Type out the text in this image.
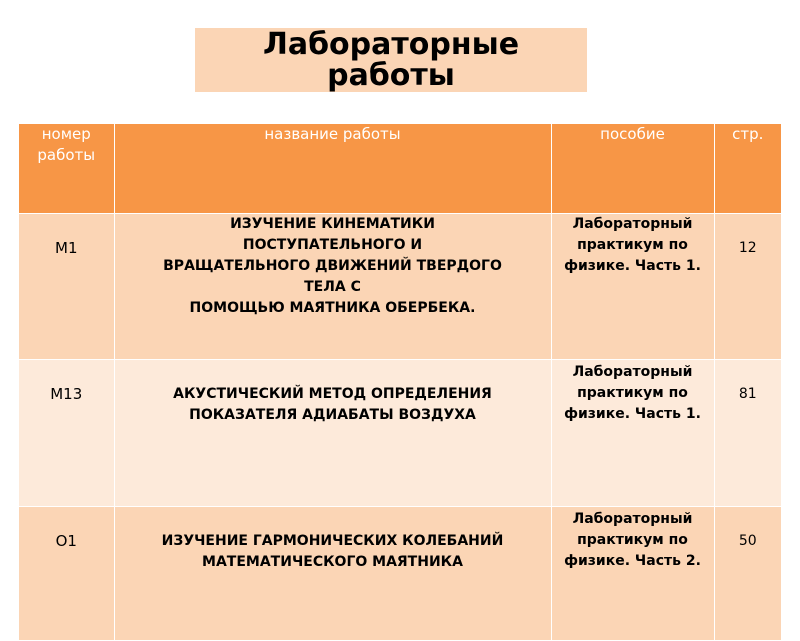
Лабораторные
работы
номер работы	название работы	пособие	стр.
М1	ИЗУЧЕНИЕ КИНЕМАТИКИ
ПОСТУПАТЕЛЬНОГО И
ВРАЩАТЕЛЬНОГО ДВИЖЕНИЙ ТВЕРДОГО
ТЕЛА С
ПОМОЩЬЮ МАЯТНИКА ОБЕРБЕКА.	Лабораторный практикум по физике. Часть 1.	12
М13	АКУСТИЧЕСКИЙ МЕТОД ОПРЕДЕЛЕНИЯ
ПОКАЗАТЕЛЯ АДИАБАТЫ ВОЗДУХА	Лабораторный практикум по физике. Часть 1.	81
О1	ИЗУЧЕНИЕ ГАРМОНИЧЕСКИХ КОЛЕБАНИЙ
МАТЕМАТИЧЕСКОГО МАЯТНИКА	Лабораторный практикум по физике. Часть 2.	50
